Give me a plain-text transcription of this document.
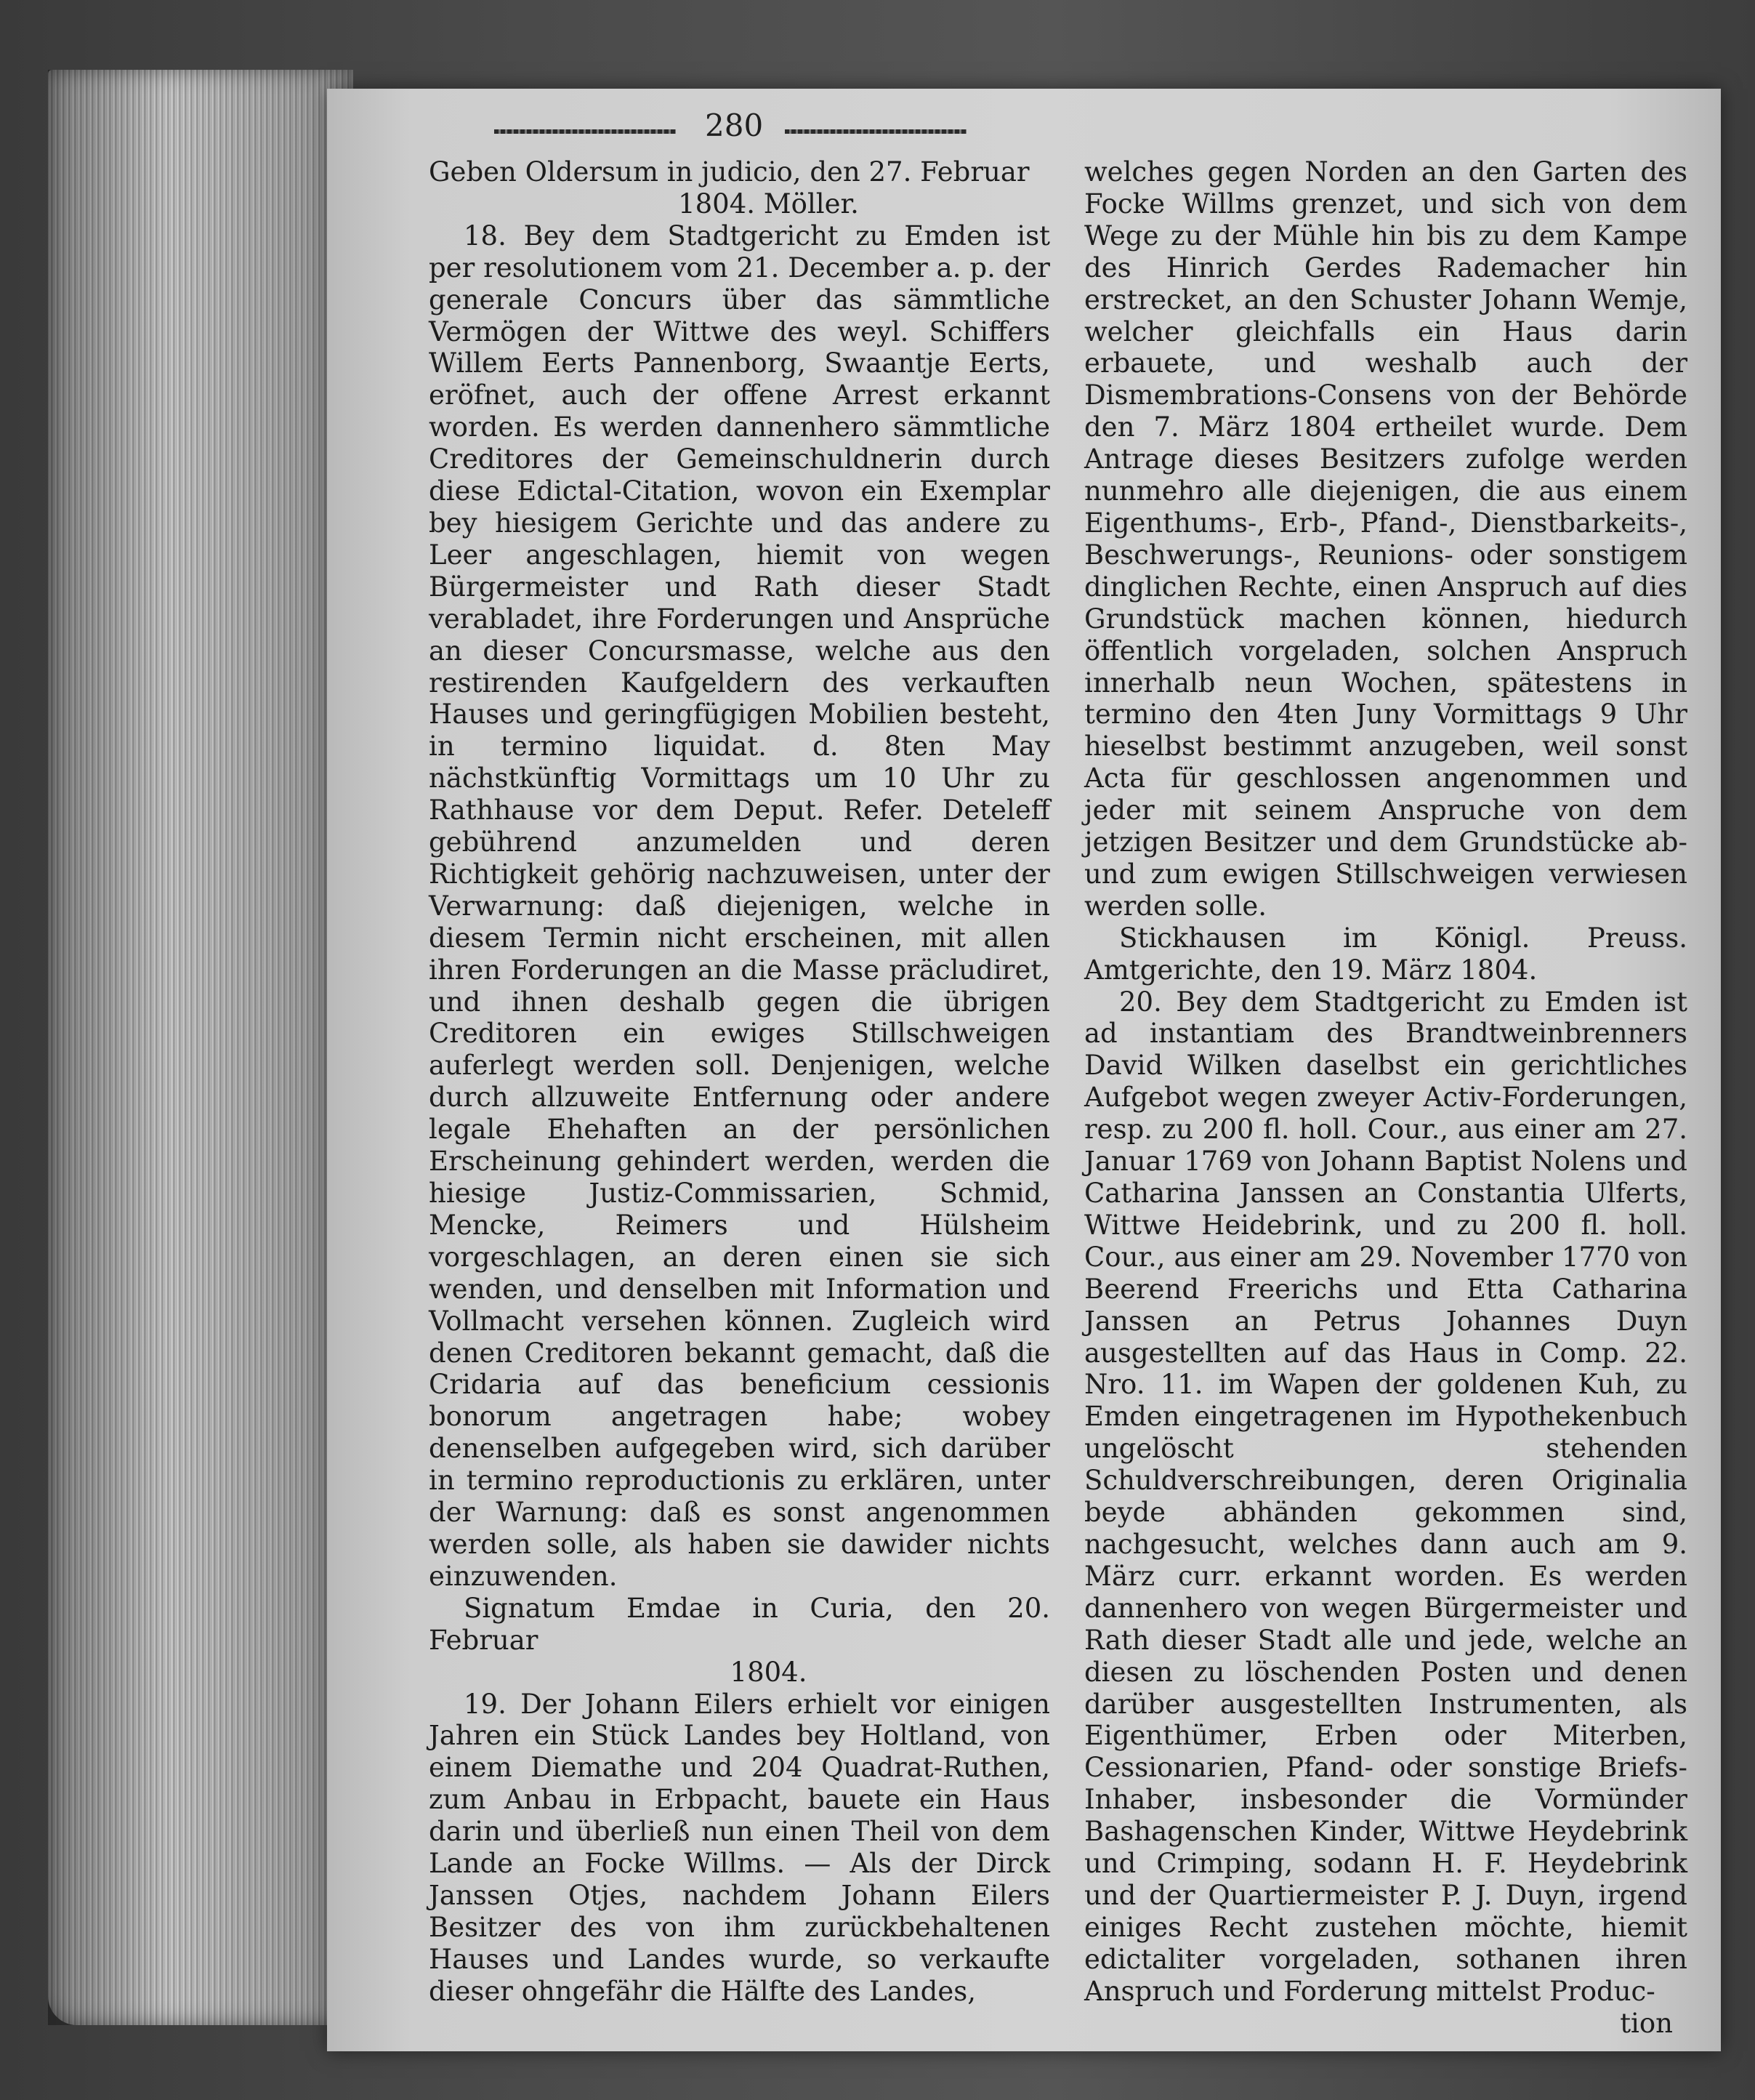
280

Geben Oldersum in judicio, den 27. Februar

1804. Möller.

18. Bey dem Stadtgericht zu Emden ist per resolutionem vom 21. December a. p. der generale Concurs über das sämmtliche Vermögen der Wittwe des weyl. Schiffers Willem Eerts Pannenborg, Swaantje Eerts, eröfnet, auch der offene Arrest erkannt worden. Es werden dannenhero sämmtliche Creditores der Gemeinschuldnerin durch diese Edictal-Citation, wovon ein Exemplar bey hiesigem Gerichte und das andere zu Leer angeschlagen, hiemit von wegen Bürgermeister und Rath dieser Stadt verabladet, ihre Forderungen und Ansprüche an dieser Concursmasse, welche aus den restirenden Kaufgeldern des verkauften Hauses und geringfügigen Mobilien besteht, in termino liquidat. d. 8ten May nächstkünftig Vormittags um 10 Uhr zu Rathhause vor dem Deput. Refer. Deteleff gebührend anzumelden und deren Richtigkeit gehörig nachzuweisen, unter der Verwarnung: daß diejenigen, welche in diesem Termin nicht erscheinen, mit allen ihren Forderungen an die Masse präcludiret, und ihnen deshalb gegen die übrigen Creditoren ein ewiges Stillschweigen auferlegt werden soll. Denjenigen, welche durch allzuweite Entfernung oder andere legale Ehehaften an der persönlichen Erscheinung gehindert werden, werden die hiesige Justiz-Commissarien, Schmid, Mencke, Reimers und Hülsheim vorgeschlagen, an deren einen sie sich wenden, und denselben mit Information und Vollmacht versehen können. Zugleich wird denen Creditoren bekannt gemacht, daß die Cridaria auf das beneficium cessionis bonorum angetragen habe; wobey denenselben aufgegeben wird, sich darüber in termino reproductionis zu erklären, unter der Warnung: daß es sonst angenommen werden solle, als haben sie dawider nichts einzuwenden.

Signatum Emdae in Curia, den 20. Februar

1804.

19. Der Johann Eilers erhielt vor einigen Jahren ein Stück Landes bey Holtland, von einem Diemathe und 204 Quadrat-Ruthen, zum Anbau in Erbpacht, bauete ein Haus darin und überließ nun einen Theil von dem Lande an Focke Willms. — Als der Dirck Janssen Otjes, nachdem Johann Eilers Besitzer des von ihm zurückbehaltenen Hauses und Landes wurde, so verkaufte dieser ohngefähr die Hälfte des Landes,

welches gegen Norden an den Garten des Focke Willms grenzet, und sich von dem Wege zu der Mühle hin bis zu dem Kampe des Hinrich Gerdes Rademacher hin erstrecket, an den Schuster Johann Wemje, welcher gleichfalls ein Haus darin erbauete, und weshalb auch der Dismembrations-Consens von der Behörde den 7. März 1804 ertheilet wurde. Dem Antrage dieses Besitzers zufolge werden nunmehro alle diejenigen, die aus einem Eigenthums-, Erb-, Pfand-, Dienstbarkeits-, Beschwerungs-, Reunions- oder sonstigem dinglichen Rechte, einen Anspruch auf dies Grundstück machen können, hiedurch öffentlich vorgeladen, solchen Anspruch innerhalb neun Wochen, spätestens in termino den 4ten Juny Vormittags 9 Uhr hieselbst bestimmt anzugeben, weil sonst Acta für geschlossen angenommen und jeder mit seinem Anspruche von dem jetzigen Besitzer und dem Grundstücke ab- und zum ewigen Stillschweigen verwiesen werden solle.

Stickhausen im Königl. Preuss. Amtgerichte, den 19. März 1804.

20. Bey dem Stadtgericht zu Emden ist ad instantiam des Brandtweinbrenners David Wilken daselbst ein gerichtliches Aufgebot wegen zweyer Activ-Forderungen, resp. zu 200 fl. holl. Cour., aus einer am 27. Januar 1769 von Johann Baptist Nolens und Catharina Janssen an Constantia Ulferts, Wittwe Heidebrink, und zu 200 fl. holl. Cour., aus einer am 29. November 1770 von Beerend Freerichs und Etta Catharina Janssen an Petrus Johannes Duyn ausgestellten auf das Haus in Comp. 22. Nro. 11. im Wapen der goldenen Kuh, zu Emden eingetragenen im Hypothekenbuch ungelöscht stehenden Schuldverschreibungen, deren Originalia beyde abhänden gekommen sind, nachgesucht, welches dann auch am 9. März curr. erkannt worden. Es werden dannenhero von wegen Bürgermeister und Rath dieser Stadt alle und jede, welche an diesen zu löschenden Posten und denen darüber ausgestellten Instrumenten, als Eigenthümer, Erben oder Miterben, Cessionarien, Pfand- oder sonstige Briefs-Inhaber, insbesonder die Vormünder Bashagenschen Kinder, Wittwe Heydebrink und Crimping, sodann H. F. Heydebrink und der Quartiermeister P. J. Duyn, irgend einiges Recht zustehen möchte, hiemit edictaliter vorgeladen, sothanen ihren Anspruch und Forderung mittelst Produc-

tion
